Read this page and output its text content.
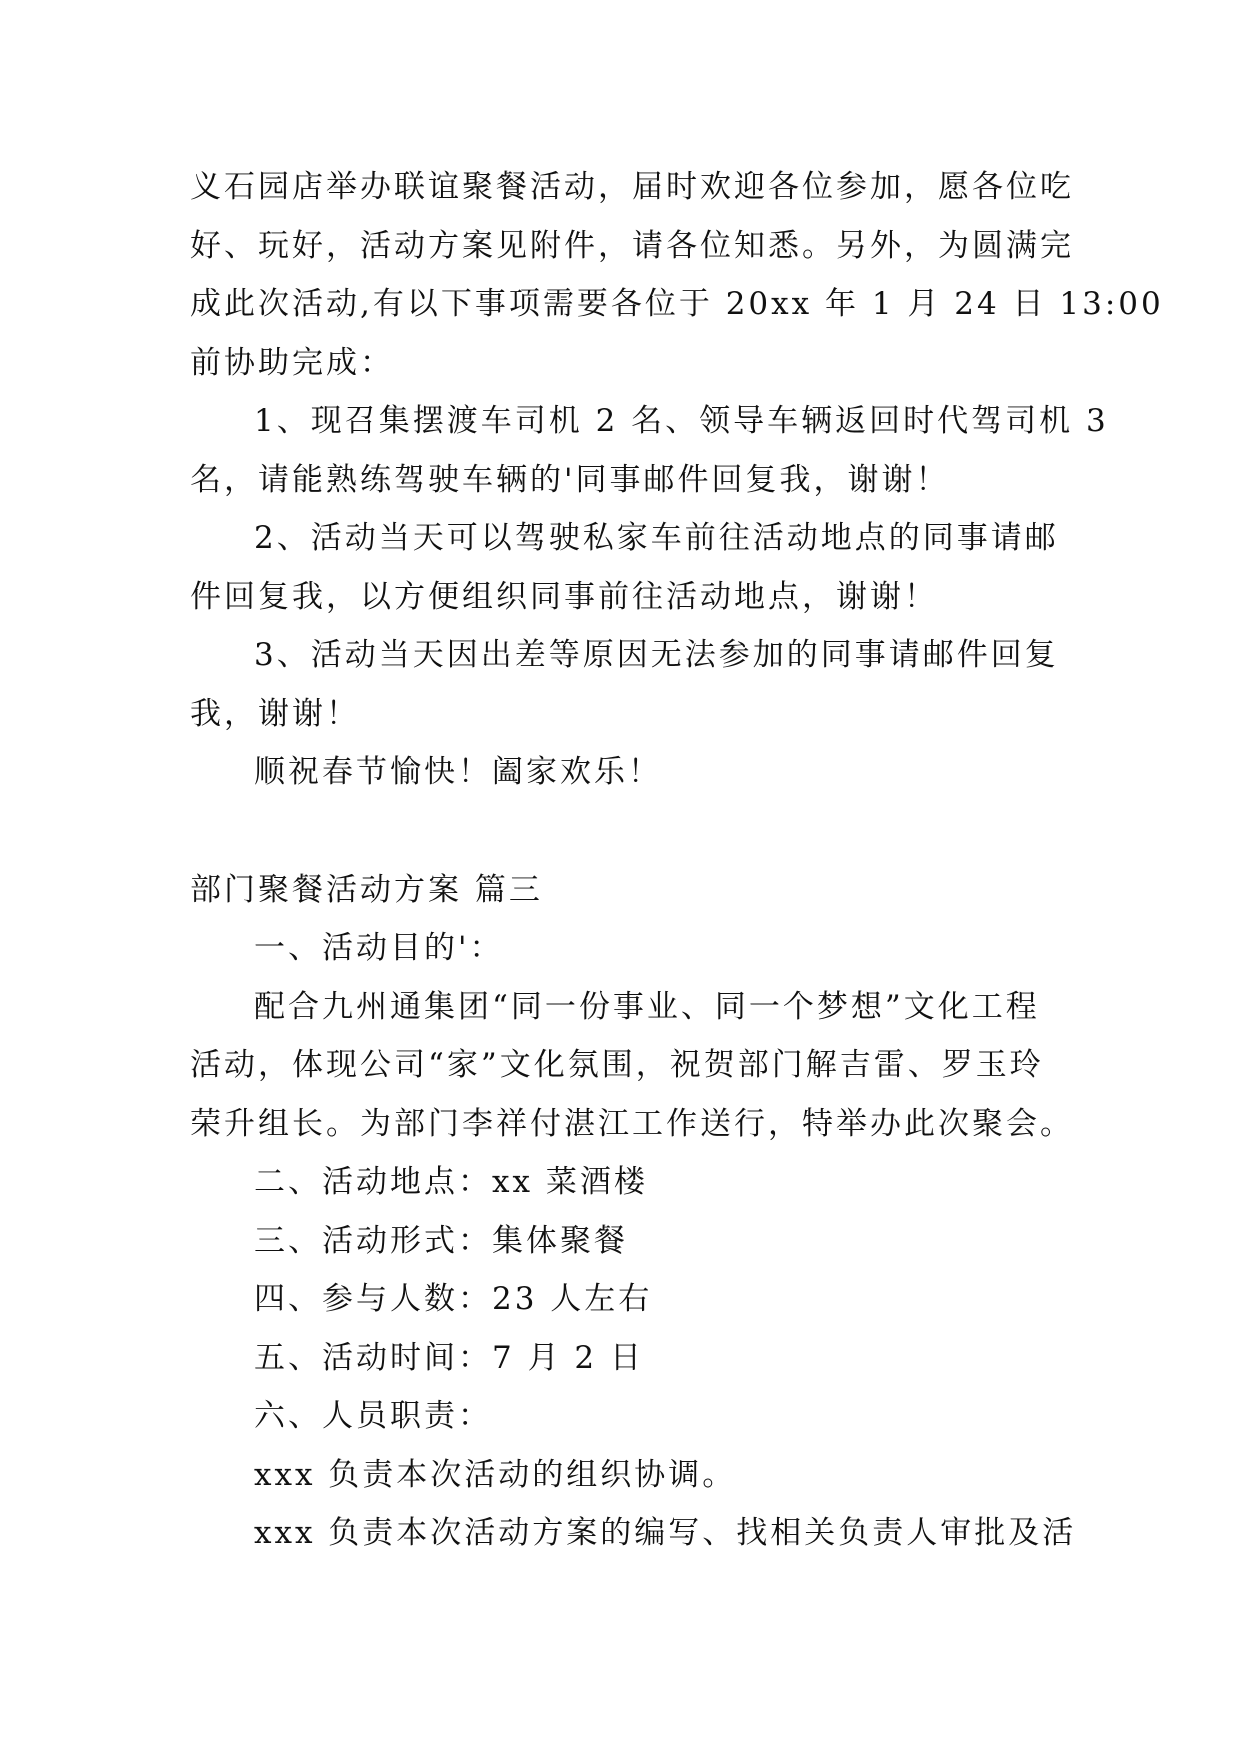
义石园店举办联谊聚餐活动，届时欢迎各位参加，愿各位吃
好、玩好，活动方案见附件，请各位知悉。另外，为圆满完
成此次活动,有以下事项需要各位于 20xx 年 1 月 24 日 13:00
前协助完成：
1、现召集摆渡车司机 2 名、领导车辆返回时代驾司机 3
名，请能熟练驾驶车辆的'同事邮件回复我，谢谢！
2、活动当天可以驾驶私家车前往活动地点的同事请邮
件回复我，以方便组织同事前往活动地点，谢谢！
3、活动当天因出差等原因无法参加的同事请邮件回复
我，谢谢！
顺祝春节愉快！阖家欢乐！
部门聚餐活动方案 篇三
一、活动目的'：
配合九州通集团“同一份事业、同一个梦想”文化工程
活动，体现公司“家”文化氛围，祝贺部门解吉雷、罗玉玲
荣升组长。为部门李祥付湛江工作送行，特举办此次聚会。
二、活动地点：xx 菜酒楼
三、活动形式：集体聚餐
四、参与人数：23 人左右
五、活动时间：7 月 2 日
六、人员职责：
xxx 负责本次活动的组织协调。
xxx 负责本次活动方案的编写、找相关负责人审批及活
